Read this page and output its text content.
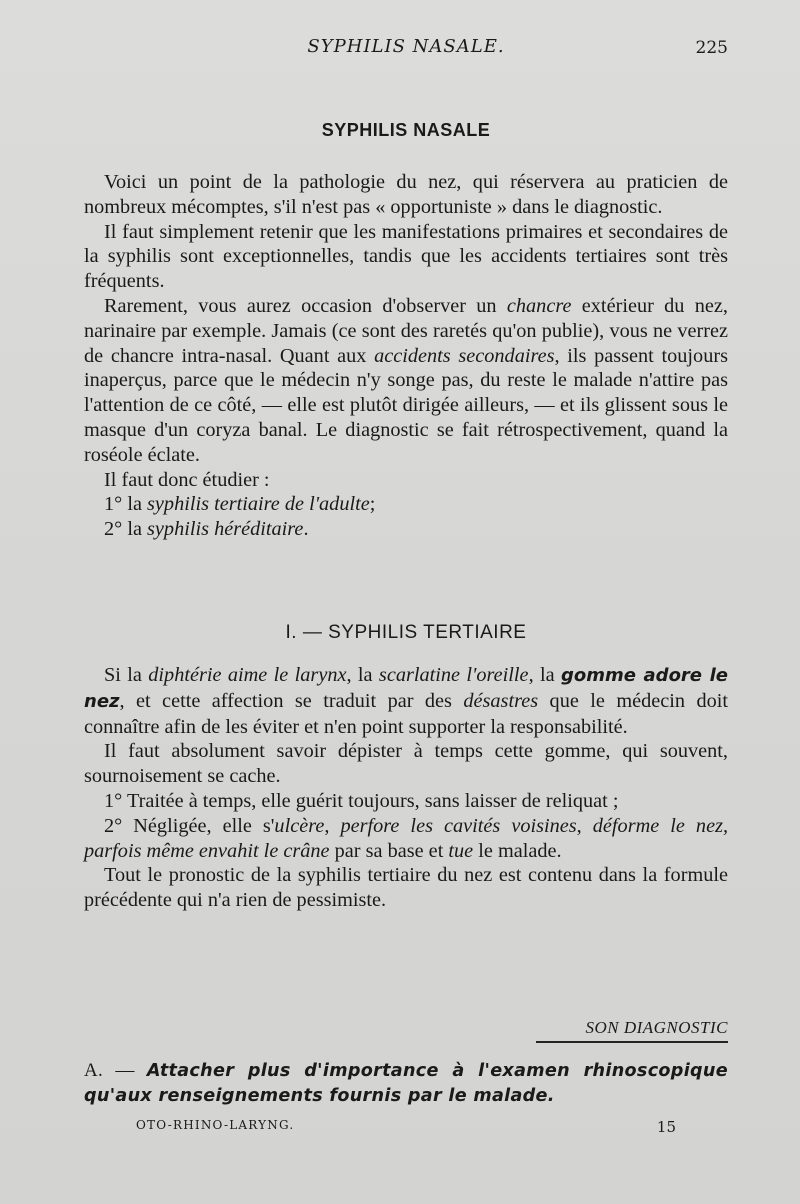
SYPHILIS NASALE.	225
SYPHILIS NASALE

Voici un point de la pathologie du nez, qui réservera au praticien de nombreux mécomptes, s'il n'est pas « opportuniste » dans le diagnostic.

Il faut simplement retenir que les manifestations primaires et secondaires de la syphilis sont exceptionnelles, tandis que les accidents tertiaires sont très fréquents.

Rarement, vous aurez occasion d'observer un chancre extérieur du nez, narinaire par exemple. Jamais (ce sont des raretés qu'on publie), vous ne verrez de chancre intra-nasal. Quant aux accidents secondaires, ils passent toujours inaperçus, parce que le médecin n'y songe pas, du reste le malade n'attire pas l'attention de ce côté, — elle est plutôt dirigée ailleurs, — et ils glissent sous le masque d'un coryza banal. Le diagnostic se fait rétrospectivement, quand la roséole éclate.

Il faut donc étudier :

1° la syphilis tertiaire de l'adulte;

2° la syphilis héréditaire.

I. — SYPHILIS TERTIAIRE

Si la diphtérie aime le larynx, la scarlatine l'oreille, la gomme adore le nez, et cette affection se traduit par des désastres que le médecin doit connaître afin de les éviter et n'en point supporter la responsabilité.

Il faut absolument savoir dépister à temps cette gomme, qui souvent, sournoisement se cache.

1° Traitée à temps, elle guérit toujours, sans laisser de reliquat ;

2° Négligée, elle s'ulcère, perfore les cavités voisines, déforme le nez, parfois même envahit le crâne par sa base et tue le malade.

Tout le pronostic de la syphilis tertiaire du nez est contenu dans la formule précédente qui n'a rien de pessimiste.

SON DIAGNOSTIC
A. — Attacher plus d'importance à l'examen rhinoscopique qu'aux renseignements fournis par le malade.
OTO-RHINO-LARYNG.	15
